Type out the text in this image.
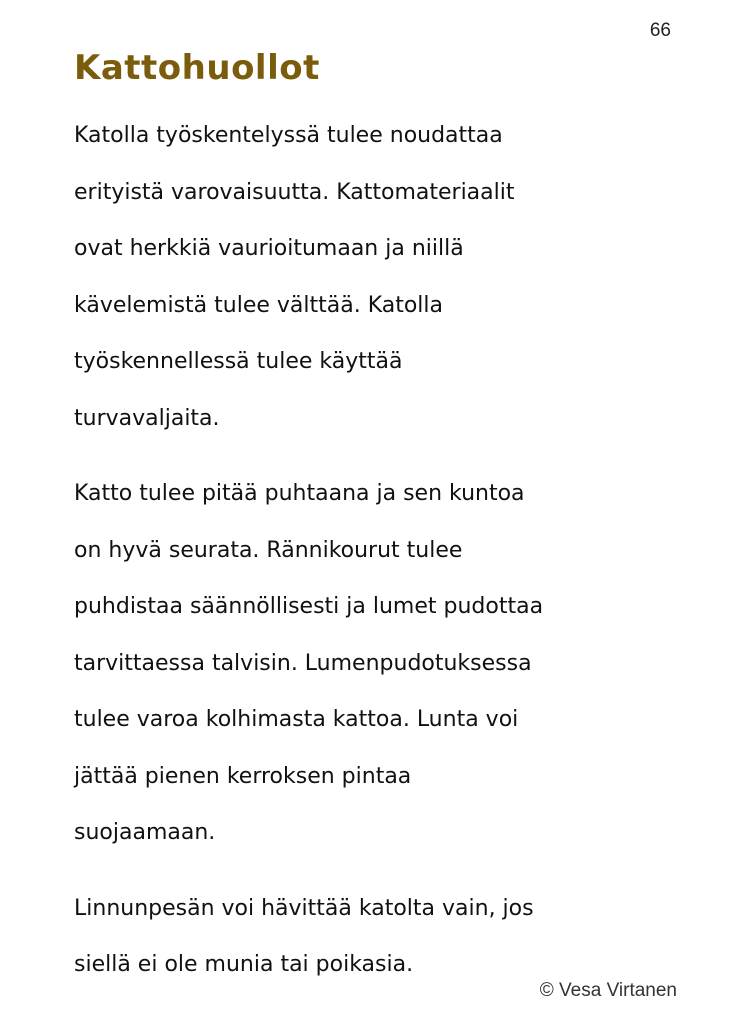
66
Kattohuollot

Katolla työskentelyssä tulee noudattaa
erityistä varovaisuutta. Kattomateriaalit
ovat herkkiä vaurioitumaan ja niillä
kävelemistä tulee välttää. Katolla
työskennellessä tulee käyttää
turvavaljaita.

Katto tulee pitää puhtaana ja sen kuntoa
on hyvä seurata. Rännikourut tulee
puhdistaa säännöllisesti ja lumet pudottaa
tarvittaessa talvisin. Lumenpudotuksessa
tulee varoa kolhimasta kattoa. Lunta voi
jättää pienen kerroksen pintaa
suojaamaan.

Linnunpesän voi hävittää katolta vain, jos
siellä ei ole munia tai poikasia.

© Vesa Virtanen
